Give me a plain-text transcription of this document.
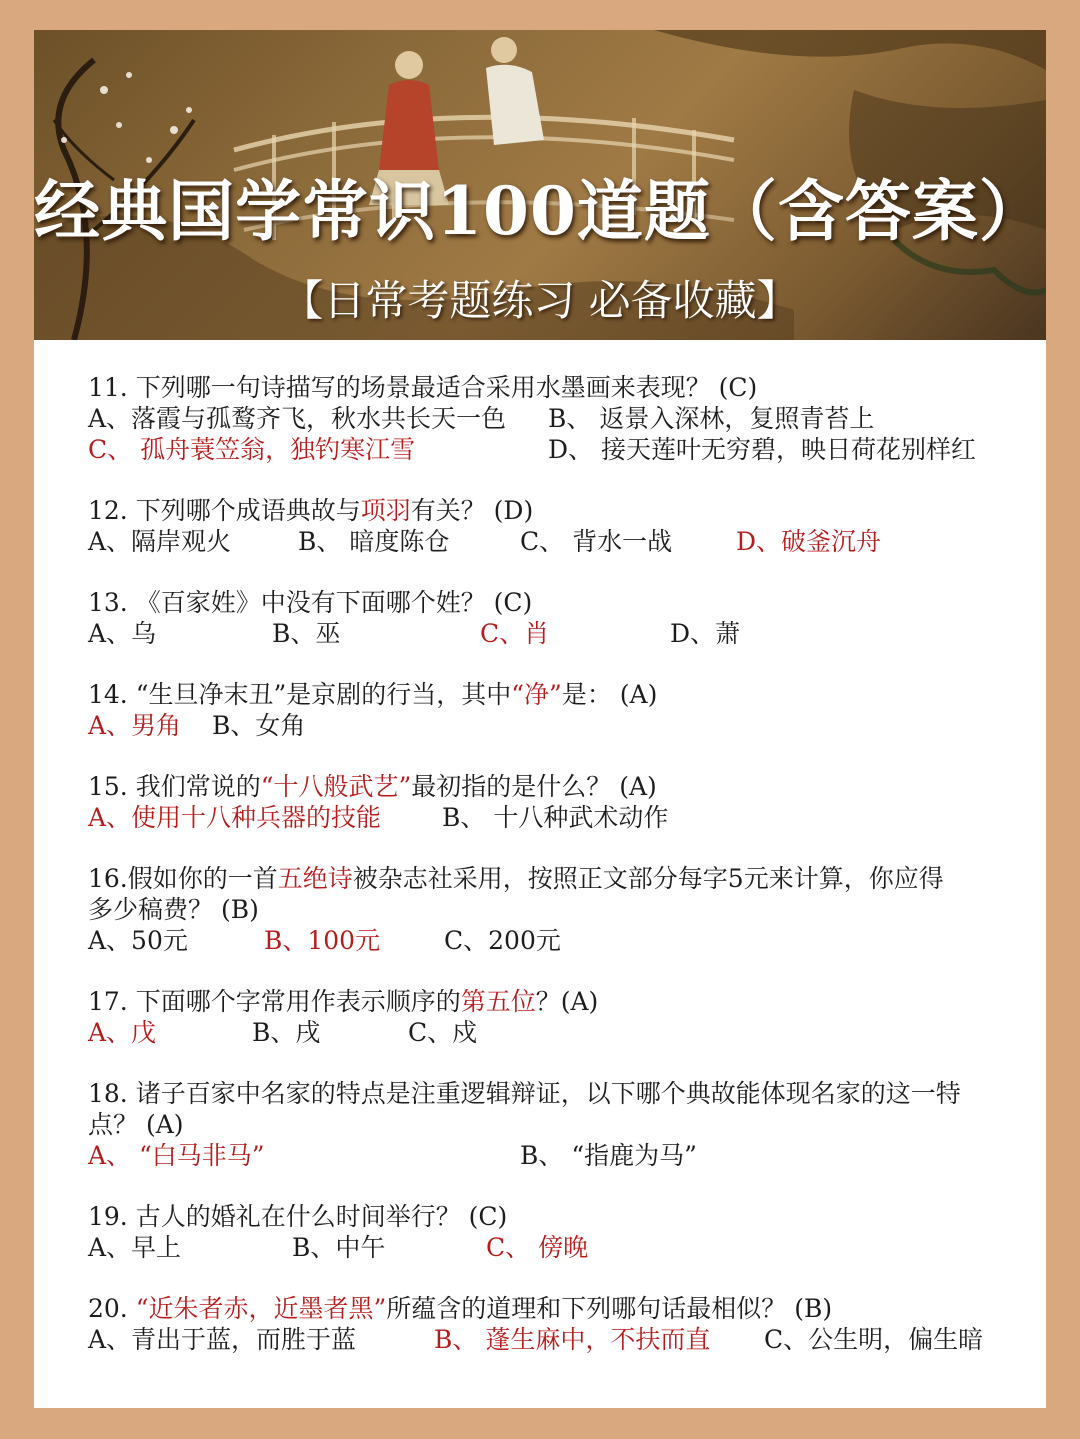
经典国学常识100道题（含答案）
【日常考题练习 必备收藏】
11. 下列哪一句诗描写的场景最适合采用水墨画来表现？ (C)
A、落霞与孤鹜齐飞，秋水共长天一色 B、 返景入深林，复照青苔上
C、 孤舟蓑笠翁，独钓寒江雪	D、 接天莲叶无穷碧，映日荷花别样红
12. 下列哪个成语典故与项羽有关？ (D)
A、隔岸观火	B、 暗度陈仓	C、 背水一战	D、破釜沉舟
13. 《百家姓》中没有下面哪个姓？ (C)
A、乌	B、巫	C、肖	D、萧
14. “生旦净末丑”是京剧的行当，其中“净”是： (A)
A、男角 B、女角
15. 我们常说的“十八般武艺”最初指的是什么？ (A)
A、使用十八种兵器的技能 B、 十八种武术动作
16.假如你的一首五绝诗被杂志社采用，按照正文部分每字5元来计算，你应得
多少稿费？ (B)
A、50元	B、100元	C、200元
17. 下面哪个字常用作表示顺序的第五位？(A)
A、戊	B、戌	C、戍
18. 诸子百家中名家的特点是注重逻辑辩证，以下哪个典故能体现名家的这一特
点？ (A)
A、 “白马非马”	B、 “指鹿为马”
19. 古人的婚礼在什么时间举行？ (C)
A、早上	B、中午	C、 傍晚
20. “近朱者赤，近墨者黑”所蕴含的道理和下列哪句话最相似？ (B)
A、青出于蓝，而胜于蓝	B、 蓬生麻中，不扶而直 C、公生明，偏生暗
